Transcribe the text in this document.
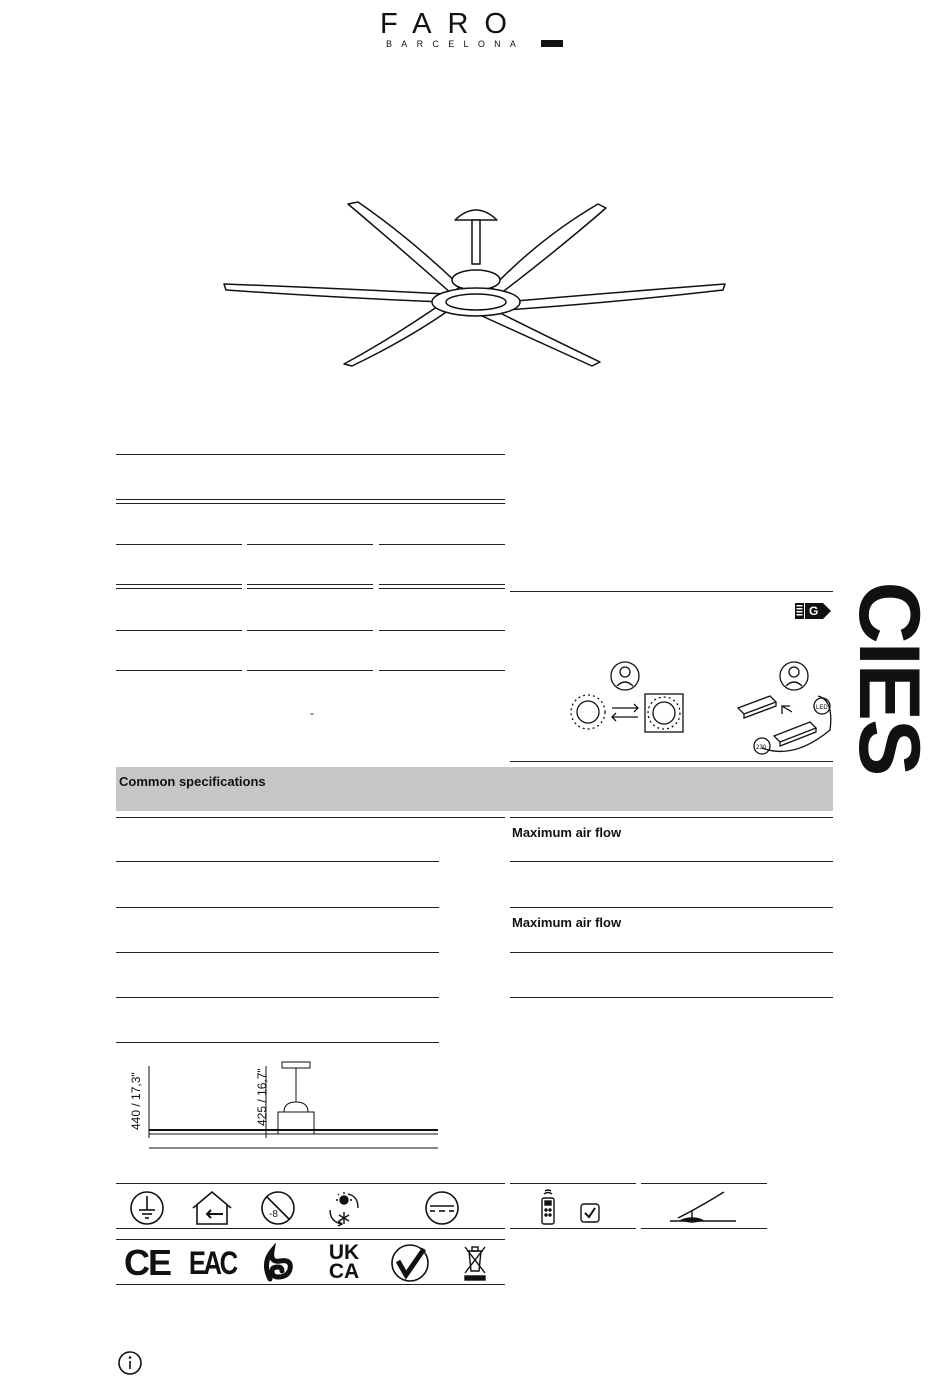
FARO
BARCELONA
-
G
LED
230 CIES
Common specifications
Maximum air flow
Maximum air flow
440 / 17,3"	425 / 16,7"
-8
CE EAC	UK
CA
